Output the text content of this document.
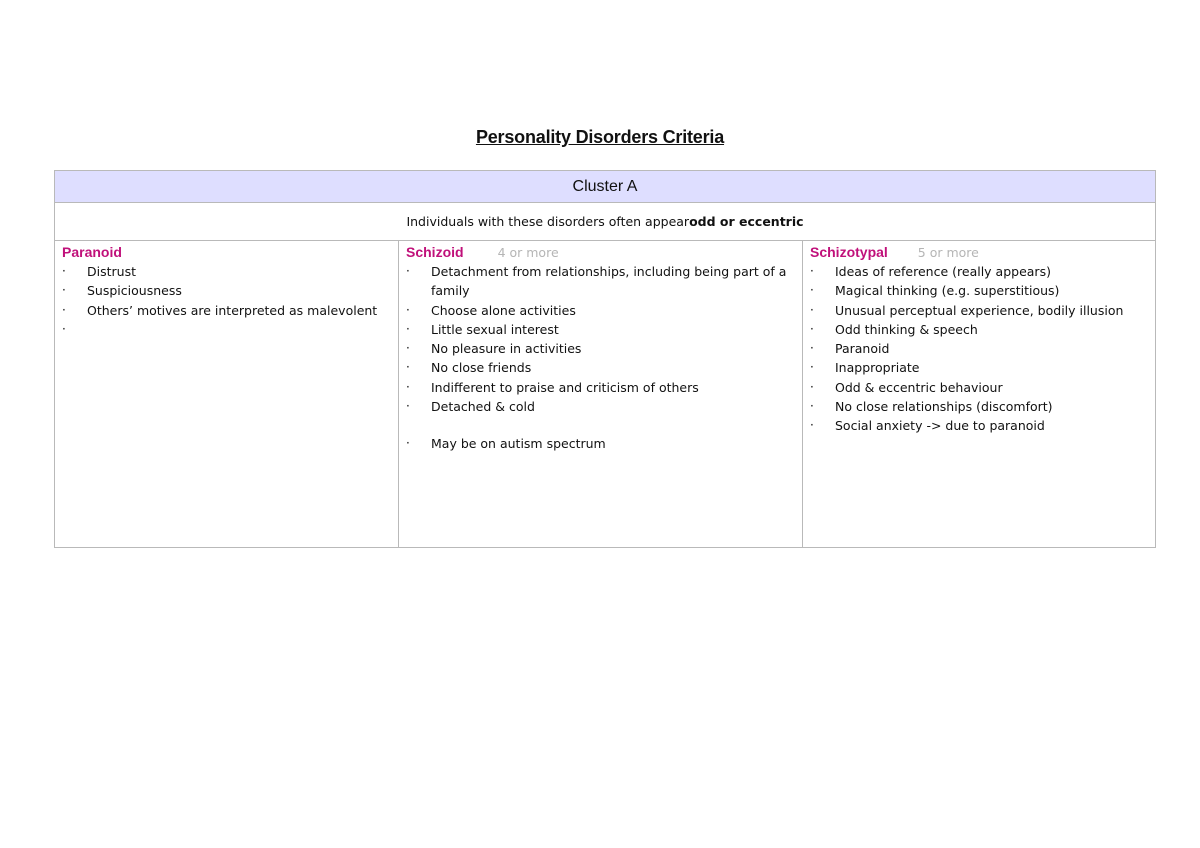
Personality Disorders Criteria
Cluster A
Individuals with these disorders often appear odd or eccentric
Paranoid
· Distrust
· Suspiciousness
· Others’ motives are interpreted as malevolent
·
Schizoid	4 or more
· Detachment from relationships, including being part of a family
· Choose alone activities
· Little sexual interest
· No pleasure in activities
· No close friends
· Indifferent to praise and criticism of others
· Detached & cold
· May be on autism spectrum
Schizotypal 5 or more
· Ideas of reference (really appears)
· Magical thinking (e.g. superstitious)
· Unusual perceptual experience, bodily illusion
· Odd thinking & speech
· Paranoid
· Inappropriate
· Odd & eccentric behaviour
· No close relationships (discomfort)
· Social anxiety -> due to paranoid
